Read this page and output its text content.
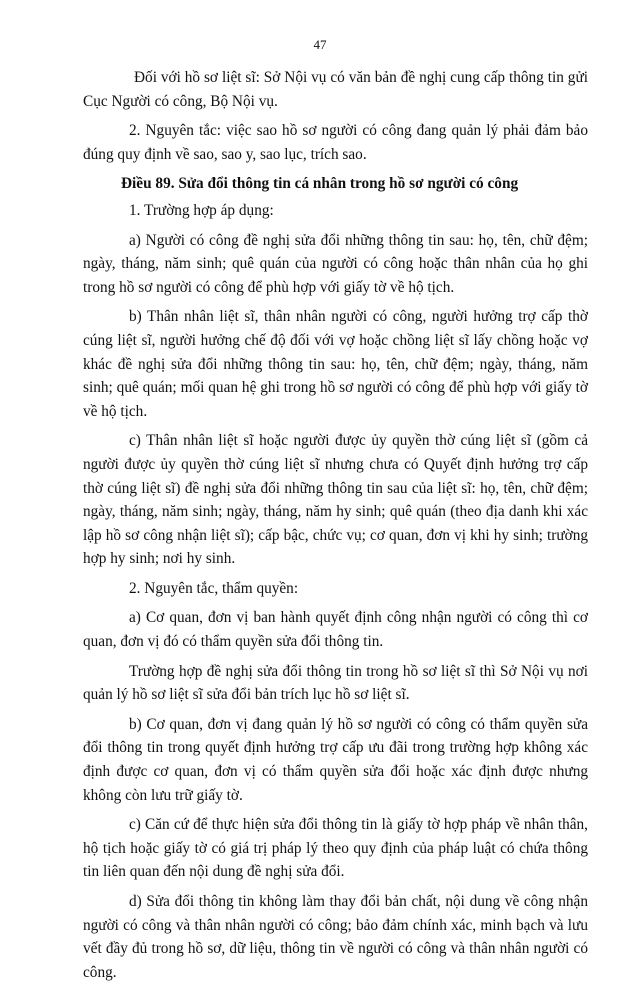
47

Đối với hồ sơ liệt sĩ: Sở Nội vụ có văn bản đề nghị cung cấp thông tin gửi Cục Người có công, Bộ Nội vụ.

2. Nguyên tắc: việc sao hồ sơ người có công đang quản lý phải đảm bảo đúng quy định về sao, sao y, sao lục, trích sao.

Điều 89. Sửa đổi thông tin cá nhân trong hồ sơ người có công

1. Trường hợp áp dụng:

a) Người có công đề nghị sửa đổi những thông tin sau: họ, tên, chữ đệm; ngày, tháng, năm sinh; quê quán của người có công hoặc thân nhân của họ ghi trong hồ sơ người có công để phù hợp với giấy tờ về hộ tịch.

b) Thân nhân liệt sĩ, thân nhân người có công, người hưởng trợ cấp thờ cúng liệt sĩ, người hưởng chế độ đối với vợ hoặc chồng liệt sĩ lấy chồng hoặc vợ khác đề nghị sửa đổi những thông tin sau: họ, tên, chữ đệm; ngày, tháng, năm sinh; quê quán; mối quan hệ ghi trong hồ sơ người có công để phù hợp với giấy tờ về hộ tịch.

c) Thân nhân liệt sĩ hoặc người được ủy quyền thờ cúng liệt sĩ (gồm cả người được ủy quyền thờ cúng liệt sĩ nhưng chưa có Quyết định hưởng trợ cấp thờ cúng liệt sĩ) đề nghị sửa đổi những thông tin sau của liệt sĩ: họ, tên, chữ đệm; ngày, tháng, năm sinh; ngày, tháng, năm hy sinh; quê quán (theo địa danh khi xác lập hồ sơ công nhận liệt sĩ); cấp bậc, chức vụ; cơ quan, đơn vị khi hy sinh; trường hợp hy sinh; nơi hy sinh.

2. Nguyên tắc, thẩm quyền:

a) Cơ quan, đơn vị ban hành quyết định công nhận người có công thì cơ quan, đơn vị đó có thẩm quyền sửa đổi thông tin.

Trường hợp đề nghị sửa đổi thông tin trong hồ sơ liệt sĩ thì Sở Nội vụ nơi quản lý hồ sơ liệt sĩ sửa đổi bản trích lục hồ sơ liệt sĩ.

b) Cơ quan, đơn vị đang quản lý hồ sơ người có công có thẩm quyền sửa đổi thông tin trong quyết định hưởng trợ cấp ưu đãi trong trường hợp không xác định được cơ quan, đơn vị có thẩm quyền sửa đổi hoặc xác định được nhưng không còn lưu trữ giấy tờ.

c) Căn cứ để thực hiện sửa đổi thông tin là giấy tờ hợp pháp về nhân thân, hộ tịch hoặc giấy tờ có giá trị pháp lý theo quy định của pháp luật có chứa thông tin liên quan đến nội dung đề nghị sửa đổi.

d) Sửa đổi thông tin không làm thay đổi bản chất, nội dung về công nhận người có công và thân nhân người có công; bảo đảm chính xác, minh bạch và lưu vết đầy đủ trong hồ sơ, dữ liệu, thông tin về người có công và thân nhân người có công.
